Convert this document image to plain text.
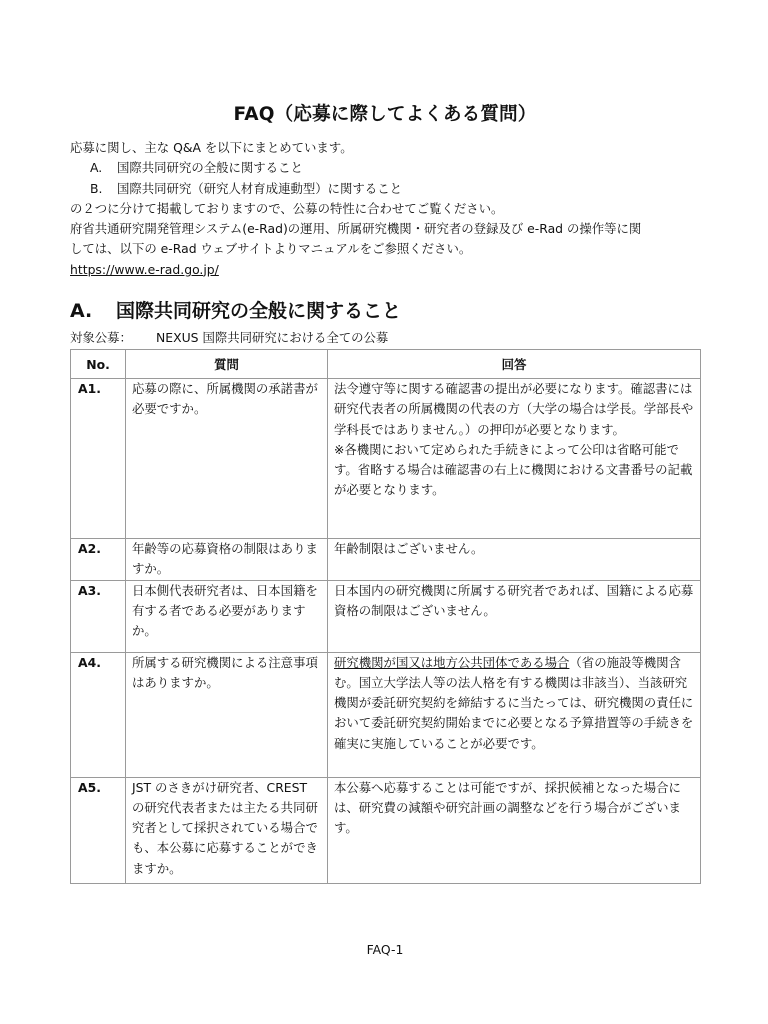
FAQ（応募に際してよくある質問）
応募に関し、主な Q&A を以下にまとめています。
A. 国際共同研究の全般に関すること
B. 国際共同研究（研究人材育成連動型）に関すること
の２つに分けて掲載しておりますので、公募の特性に合わせてご覧ください。
府省共通研究開発管理システム(e-Rad)の運用、所属研究機関・研究者の登録及び e-Rad の操作等に関
しては、以下の e-Rad ウェブサイトよりマニュアルをご参照ください。
https://www.e-rad.go.jp/
A. 国際共同研究の全般に関すること
対象公募： NEXUS 国際共同研究における全ての公募
No.	質問	回答
A1.	応募の際に、所属機関の承諾書が必要ですか。	法令遵守等に関する確認書の提出が必要になります。確認書には研究代表者の所属機関の代表の方（大学の場合は学長。学部長や学科長ではありません。）の押印が必要となります。
※各機関において定められた手続きによって公印は省略可能です。省略する場合は確認書の右上に機関における文書番号の記載が必要となります。

A2.	年齢等の応募資格の制限はありますか。	年齢制限はございません。
A3.	日本側代表研究者は、日本国籍を有する者である必要がありますか。	日本国内の研究機関に所属する研究者であれば、国籍による応募資格の制限はございません。
A4.	所属する研究機関による注意事項はありますか。	研究機関が国又は地方公共団体である場合（省の施設等機関含む。国立大学法人等の法人格を有する機関は非該当）、当該研究機関が委託研究契約を締結するに当たっては、研究機関の責任において委託研究契約開始までに必要となる予算措置等の手続きを確実に実施していることが必要です。
A5.	JST のさきがけ研究者、CREST の研究代表者または主たる共同研究者として採択されている場合でも、本公募に応募することができますか。	本公募へ応募することは可能ですが、採択候補となった場合には、研究費の減額や研究計画の調整などを行う場合がございます。
FAQ-1
